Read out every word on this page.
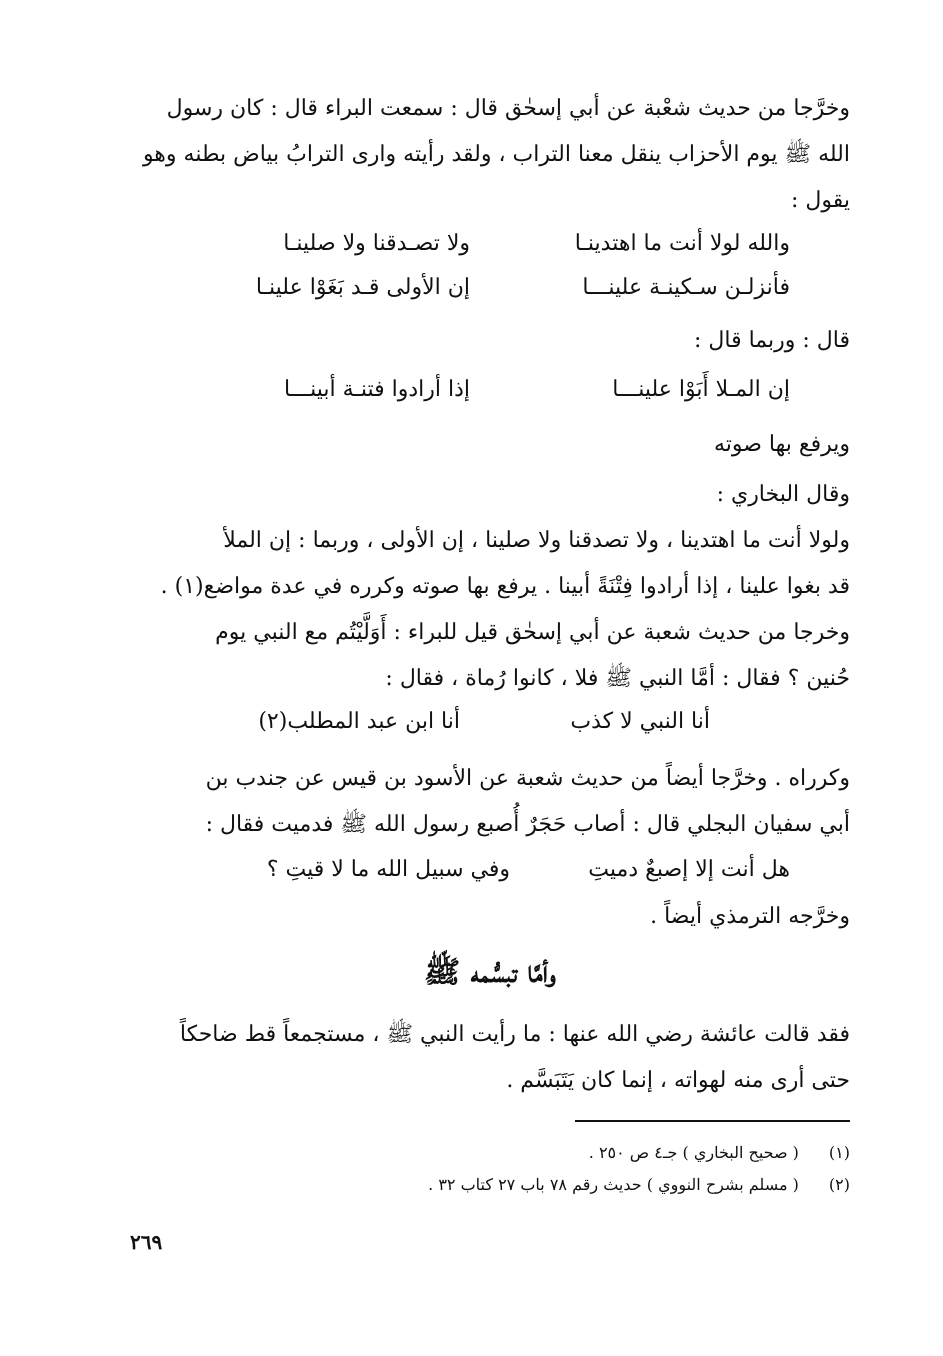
وخرَّجا من حديث شعْبة عن أبي إسحٰق قال : سمعت البراء قال : كان رسول
الله ﷺ يوم الأحزاب ينقل معنا التراب ، ولقد رأيته وارى الترابُ بياض بطنه وهو
يقول :
والله لولا أنت ما اهتدينـا
ولا تصـدقنا ولا صلينـا
فأنزلـن سـكينـة علينـــا
إن الأولى قـد بَغَوْا علينـا
قال : وربما قال :
إن المـلا أَبَوْا علينـــا
إذا أرادوا فتنـة أبينـــا
ويرفع بها صوته
وقال البخاري :
ولولا أنت ما اهتدينا ، ولا تصدقنا ولا صلينا ، إن الأولى ، وربما : إن الملأ
قد بغوا علينا ، إذا أرادوا فِتْنَةً أبينا . يرفع بها صوته وكرره في عدة مواضع(١) .
وخرجا من حديث شعبة عن أبي إسحٰق قيل للبراء : أَوَلَّيْتُم مع النبي يوم
حُنين ؟ فقال : أمَّا النبي ﷺ فلا ، كانوا رُماة ، فقال :
أنا النبي لا كذب
أنا ابن عبد المطلب(٢)
وكرراه . وخرَّجا أيضاً من حديث شعبة عن الأسود بن قيس عن جندب بن
أبي سفيان البجلي قال : أصاب حَجَرٌ أُصبع رسول الله ﷺ فدميت فقال :
هل أنت إلا إصبعٌ دميتِ
وفي سبيل الله ما لا قيتِ ؟
وخرَّجه الترمذي أيضاً .
وأمَّا تبسُّمه ﷺ
فقد قالت عائشة رضي الله عنها : ما رأيت النبي ﷺ ، مستجمعاً قط ضاحكاً
حتى أرى منه لهواته ، إنما كان يَتَبَسَّم .
(١) ( صحيح البخاري ) جـ٤ ص ٢٥٠ .
(٢) ( مسلم بشرح النووي ) حديث رقم ٧٨ باب ٢٧ كتاب ٣٢ .
٢٦٩
